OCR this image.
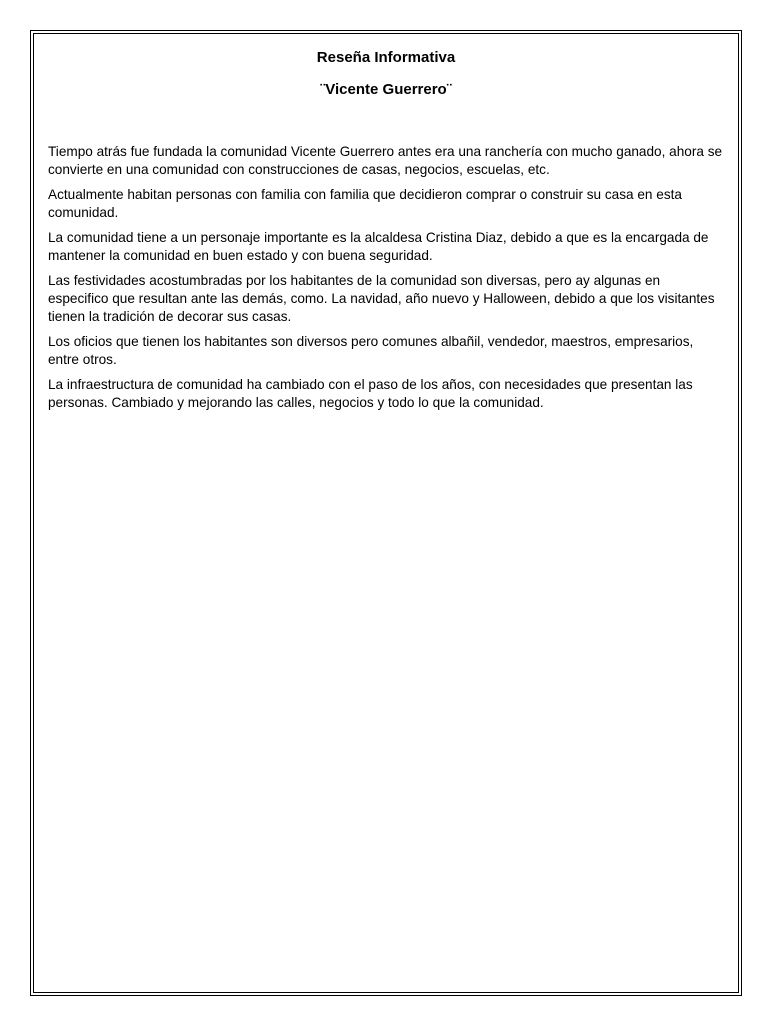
Reseña Informativa
¨Vicente Guerrero¨

Tiempo atrás fue fundada la comunidad Vicente Guerrero antes era una ranchería con mucho ganado, ahora se convierte en una comunidad con construcciones de casas, negocios, escuelas, etc.

Actualmente habitan personas con familia con familia que decidieron comprar o construir su casa en esta comunidad.

La comunidad tiene a un personaje importante es la alcaldesa Cristina Diaz, debido a que es la encargada de mantener la comunidad en buen estado y con buena seguridad.

Las festividades acostumbradas por los habitantes de la comunidad son diversas, pero ay algunas en especifico que resultan ante las demás, como. La navidad, año nuevo y Halloween, debido a que los visitantes tienen la tradición de decorar sus casas.

Los oficios que tienen los habitantes son diversos pero comunes albañil, vendedor, maestros, empresarios, entre otros.

La infraestructura de comunidad ha cambiado con el paso de los años, con necesidades que presentan las personas. Cambiado y mejorando las calles, negocios y todo lo que la comunidad.
